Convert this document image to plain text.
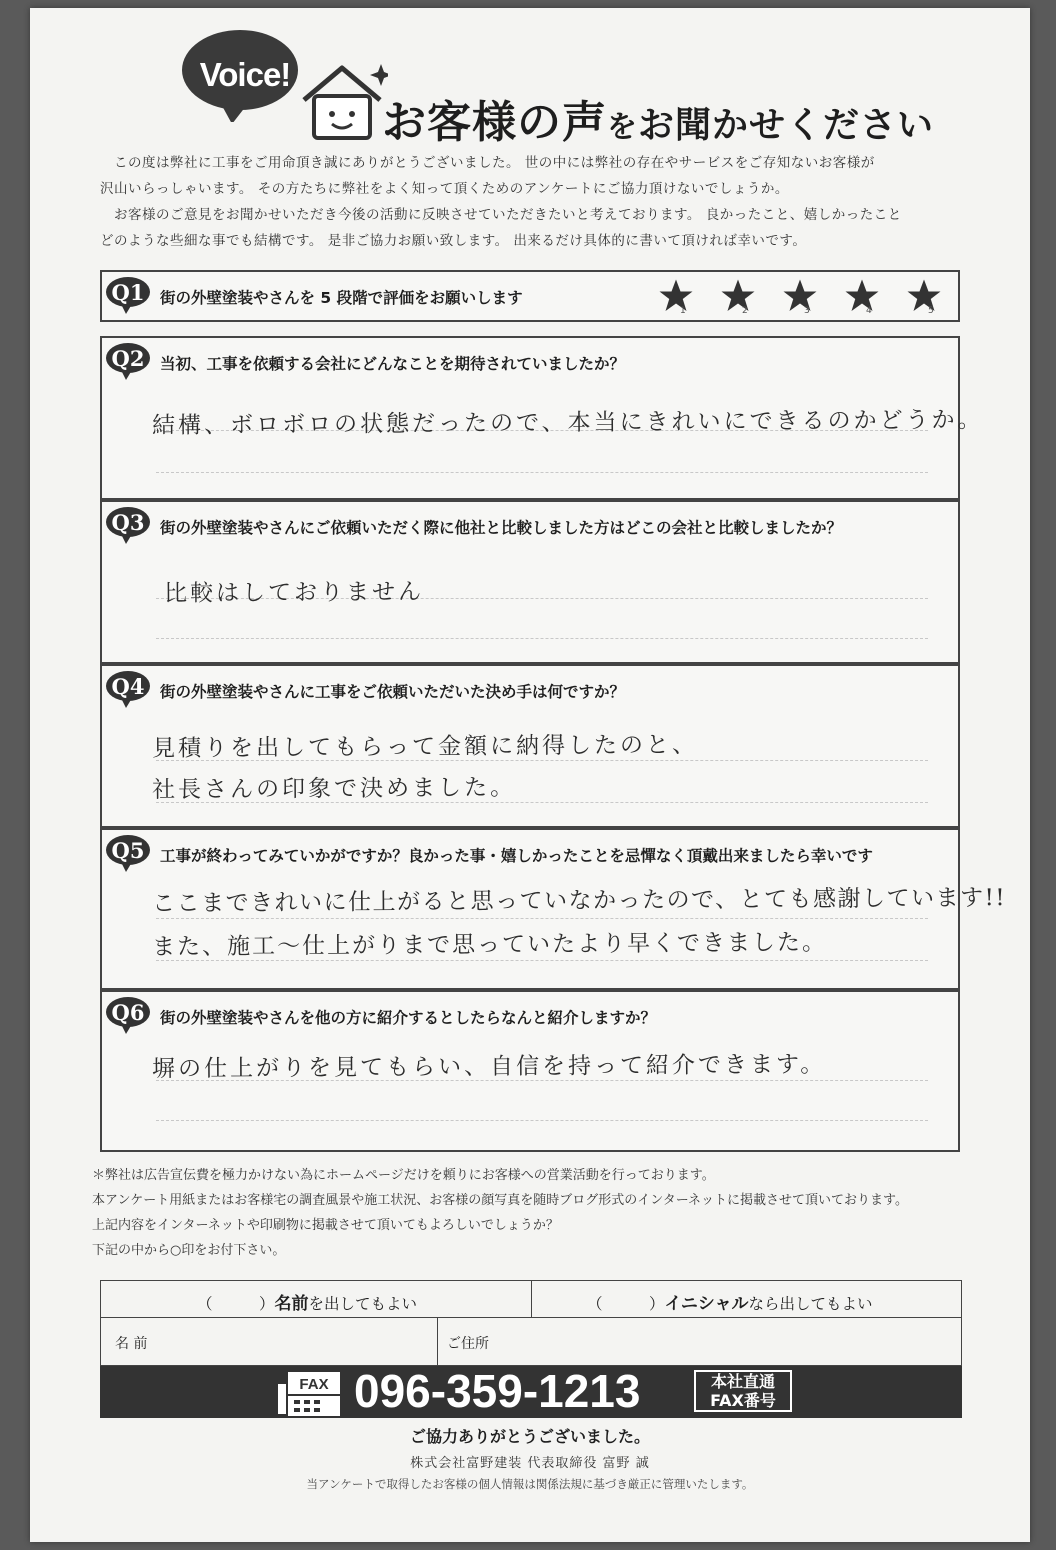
Voice!
お客様の声をお聞かせください

この度は弊社に工事をご用命頂き誠にありがとうございました。 世の中には弊社の存在やサービスをご存知ないお客様が

沢山いらっしゃいます。 その方たちに弊社をよく知って頂くためのアンケートにご協力頂けないでしょうか。

お客様のご意見をお聞かせいただき今後の活動に反映させていただきたいと考えております。 良かったこと、嬉しかったこと

どのような些細な事でも結構です。 是非ご協力お願い致します。 出来るだけ具体的に書いて頂ければ幸いです。

Q1	街の外壁塗装やさんを 5 段階で評価をお願いします
1	2	3	4	5
Q2	当初、工事を依頼する会社にどんなことを期待されていましたか？
結構、ボロボロの状態だったので、本当にきれいにできるのかどうか。
Q3	街の外壁塗装やさんにご依頼いただく際に他社と比較しました方はどこの会社と比較しましたか？
比較はしておりません
Q4	街の外壁塗装やさんに工事をご依頼いただいた決め手は何ですか？
見積りを出してもらって金額に納得したのと、
社長さんの印象で決めました。
Q5	工事が終わってみていかがですか？良かった事・嬉しかったことを忌憚なく頂戴出来ましたら幸いです
ここまできれいに仕上がると思っていなかったので、とても感謝しています!!
また、施工～仕上がりまで思っていたより早くできました。
Q6	街の外壁塗装やさんを他の方に紹介するとしたらなんと紹介しますか？
塀の仕上がりを見てもらい、自信を持って紹介できます。

＊弊社は広告宣伝費を極力かけない為にホームページだけを頼りにお客様への営業活動を行っております。

本アンケート用紙またはお客様宅の調査風景や施工状況、お客様の顔写真を随時ブログ形式のインターネットに掲載させて頂いております。

上記内容をインターネットや印刷物に掲載させて頂いてもよろしいでしょうか？

下記の中から○印をお付下さい。

（　　　）名前を出してもよい	（　　　）イニシャルなら出してもよい
名 前	ご住所
FAX 096-359-1213	本社直通
FAX番号
ご協力ありがとうございました。
株式会社富野建装 代表取締役 富野 誠
当アンケートで取得したお客様の個人情報は関係法規に基づき厳正に管理いたします。
